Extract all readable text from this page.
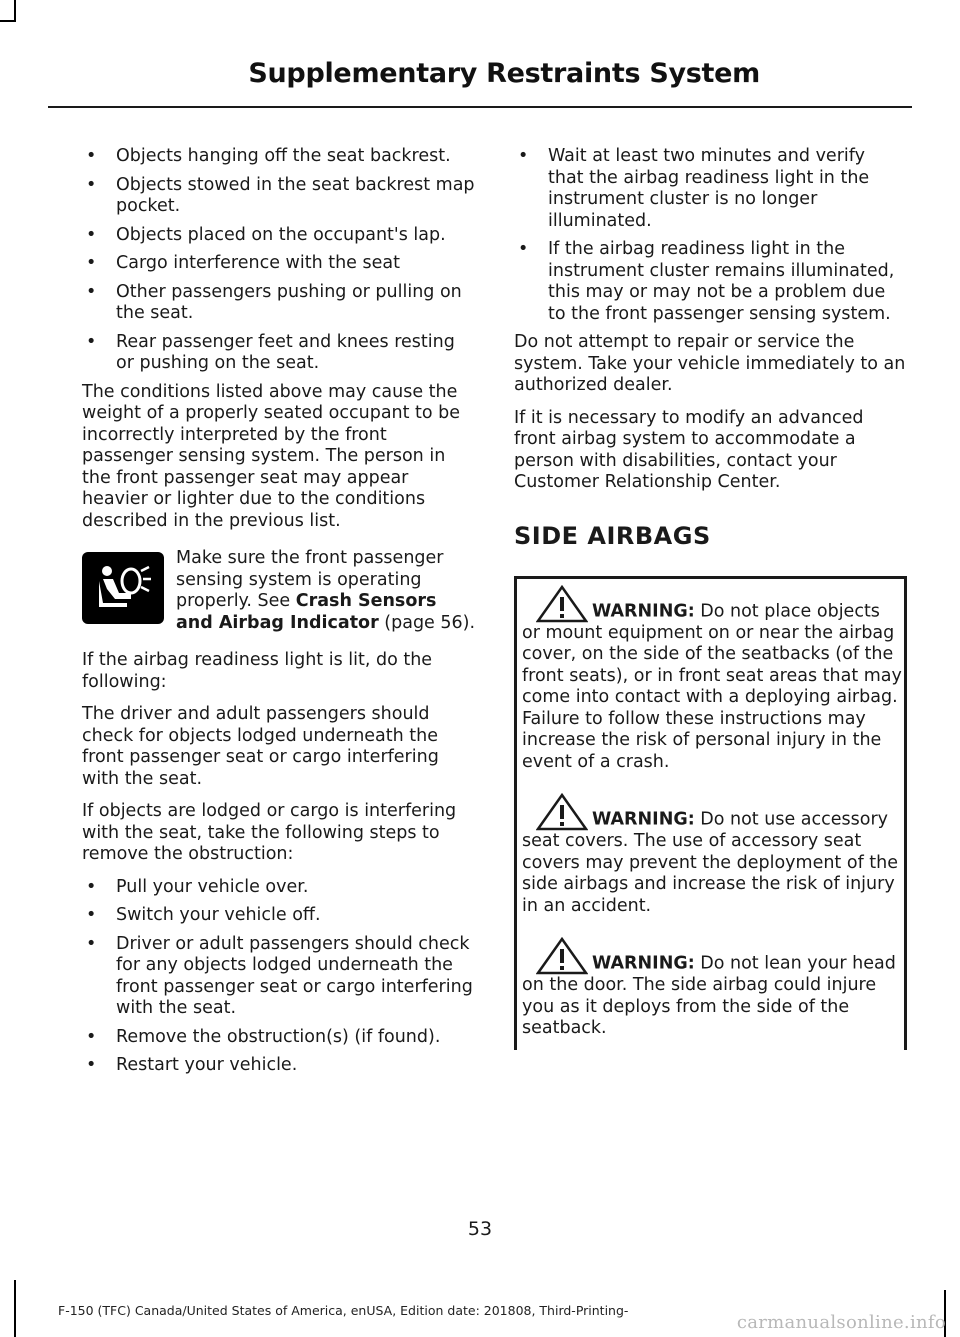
Supplementary Restraints System
• Objects hanging off the seat backrest.
• Objects stowed in the seat backrest map pocket.
• Objects placed on the occupant's lap.
• Cargo interference with the seat
• Other passengers pushing or pulling on the seat.
• Rear passenger feet and knees resting or pushing on the seat.

The conditions listed above may cause the weight of a properly seated occupant to be incorrectly interpreted by the front passenger sensing system. The person in the front passenger seat may appear heavier or lighter due to the conditions described in the previous list.

Make sure the front passenger sensing system is operating properly. See Crash Sensors and Airbag Indicator (page 56).

If the airbag readiness light is lit, do the following:

The driver and adult passengers should check for objects lodged underneath the front passenger seat or cargo interfering with the seat.

If objects are lodged or cargo is interfering with the seat, take the following steps to remove the obstruction:

• Pull your vehicle over.
• Switch your vehicle off.
• Driver or adult passengers should check for any objects lodged underneath the front passenger seat or cargo interfering with the seat.
• Remove the obstruction(s) (if found).
• Restart your vehicle.
• Wait at least two minutes and verify that the airbag readiness light in the instrument cluster is no longer illuminated.
• If the airbag readiness light in the instrument cluster remains illuminated, this may or may not be a problem due to the front passenger sensing system.

Do not attempt to repair or service the system. Take your vehicle immediately to an authorized dealer.

If it is necessary to modify an advanced front airbag system to accommodate a person with disabilities, contact your Customer Relationship Center.

SIDE AIRBAGS
WARNING: Do not place objects or mount equipment on or near the airbag cover, on the side of the seatbacks (of the front seats), or in front seat areas that may come into contact with a deploying airbag. Failure to follow these instructions may increase the risk of personal injury in the event of a crash.
WARNING: Do not use accessory seat covers. The use of accessory seat covers may prevent the deployment of the side airbags and increase the risk of injury in an accident.
WARNING: Do not lean your head on the door. The side airbag could injure you as it deploys from the side of the seatback.
53
F-150 (TFC) Canada/United States of America, enUSA, Edition date: 201808, Third-Printing-
carmanualsonline.info
